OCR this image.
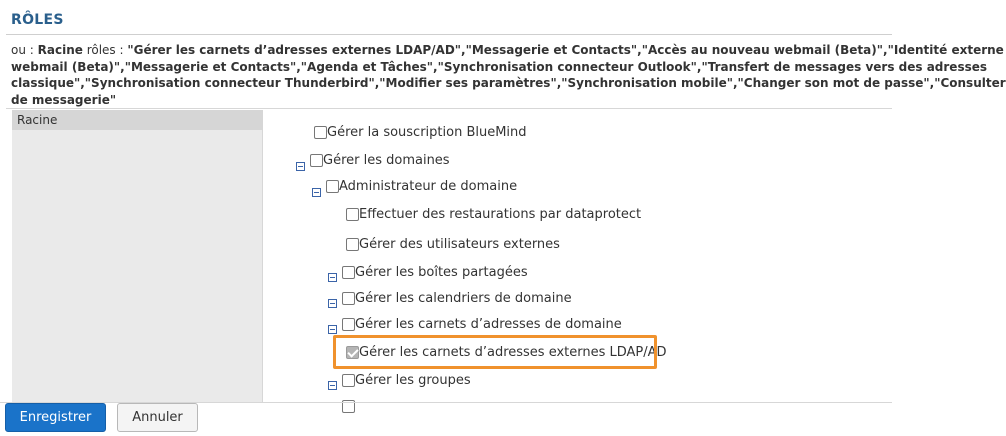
RÔLES
ou : Racine rôles : "Gérer les carnets d’adresses externes LDAP/AD","Messagerie et Contacts","Accès au nouveau webmail (Beta)","Identité externe
webmail (Beta)","Messagerie et Contacts","Agenda et Tâches","Synchronisation connecteur Outlook","Transfert de messages vers des adresses
classique","Synchronisation connecteur Thunderbird","Modifier ses paramètres","Synchronisation mobile","Changer son mot de passe","Consulter
de messagerie"
Racine
Gérer la souscription BlueMind
Gérer les domaines
Administrateur de domaine
Effectuer des restaurations par dataprotect
Gérer des utilisateurs externes
Gérer les boîtes partagées
Gérer les calendriers de domaine
Gérer les carnets d’adresses de domaine
Gérer les carnets d’adresses externes LDAP/AD
Gérer les groupes
Enregistrer	Annuler
